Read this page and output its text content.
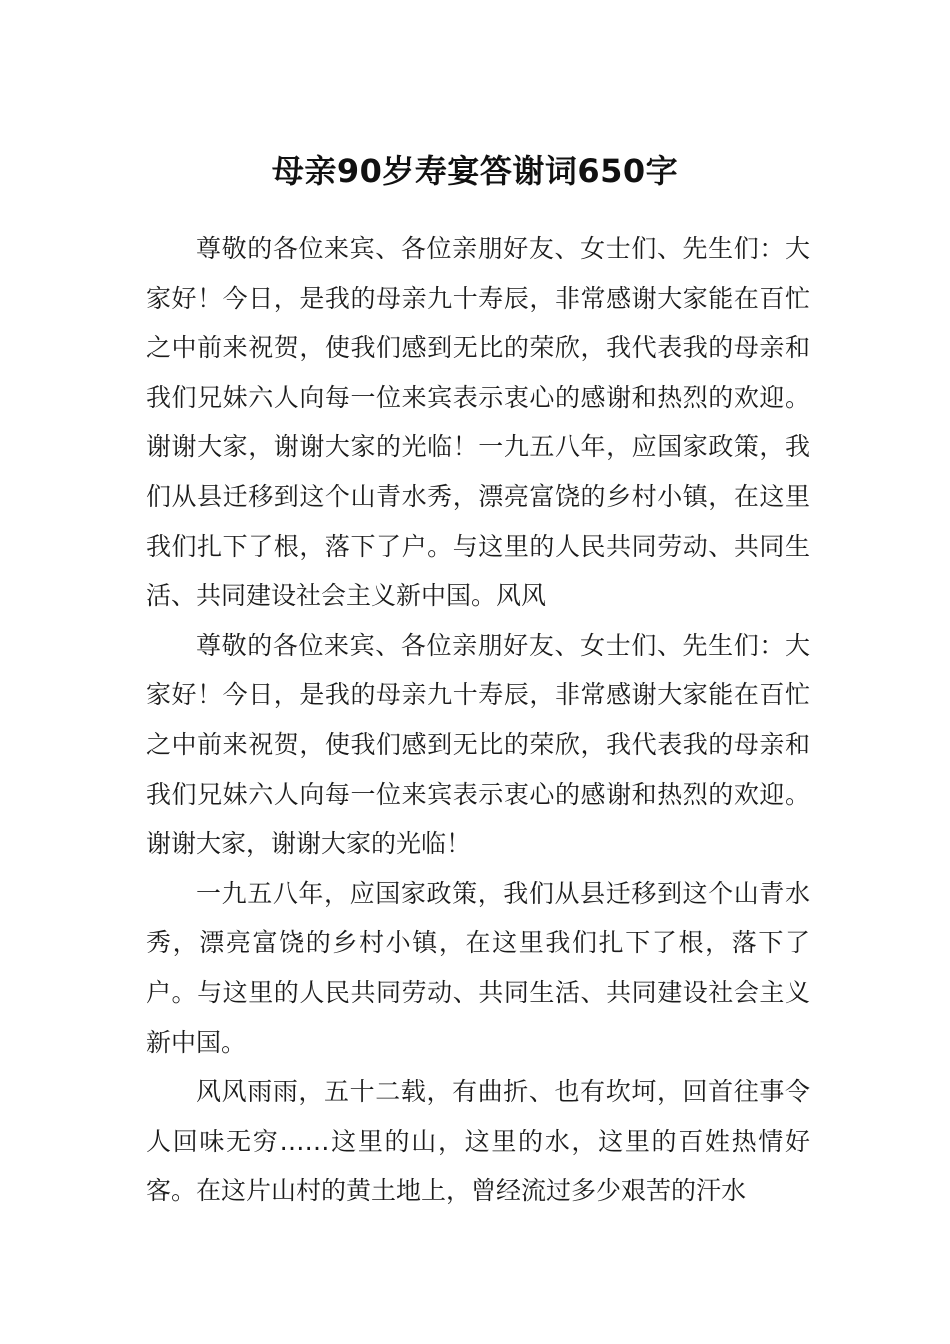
母亲90岁寿宴答谢词650字

尊敬的各位来宾、各位亲朋好友、女士们、先生们：大家好！今日，是我的母亲九十寿辰，非常感谢大家能在百忙之中前来祝贺，使我们感到无比的荣欣，我代表我的母亲和我们兄妹六人向每一位来宾表示衷心的感谢和热烈的欢迎。谢谢大家，谢谢大家的光临！一九五八年，应国家政策，我们从县迁移到这个山青水秀，漂亮富饶的乡村小镇，在这里我们扎下了根，落下了户。与这里的人民共同劳动、共同生活、共同建设社会主义新中国。风风

尊敬的各位来宾、各位亲朋好友、女士们、先生们：大家好！今日，是我的母亲九十寿辰，非常感谢大家能在百忙之中前来祝贺，使我们感到无比的荣欣，我代表我的母亲和我们兄妹六人向每一位来宾表示衷心的感谢和热烈的欢迎。谢谢大家，谢谢大家的光临！

一九五八年，应国家政策，我们从县迁移到这个山青水秀，漂亮富饶的乡村小镇，在这里我们扎下了根，落下了户。与这里的人民共同劳动、共同生活、共同建设社会主义新中国。

风风雨雨，五十二载，有曲折、也有坎坷，回首往事令人回味无穷……这里的山，这里的水，这里的百姓热情好客。在这片山村的黄土地上，曾经流过多少艰苦的汗水
